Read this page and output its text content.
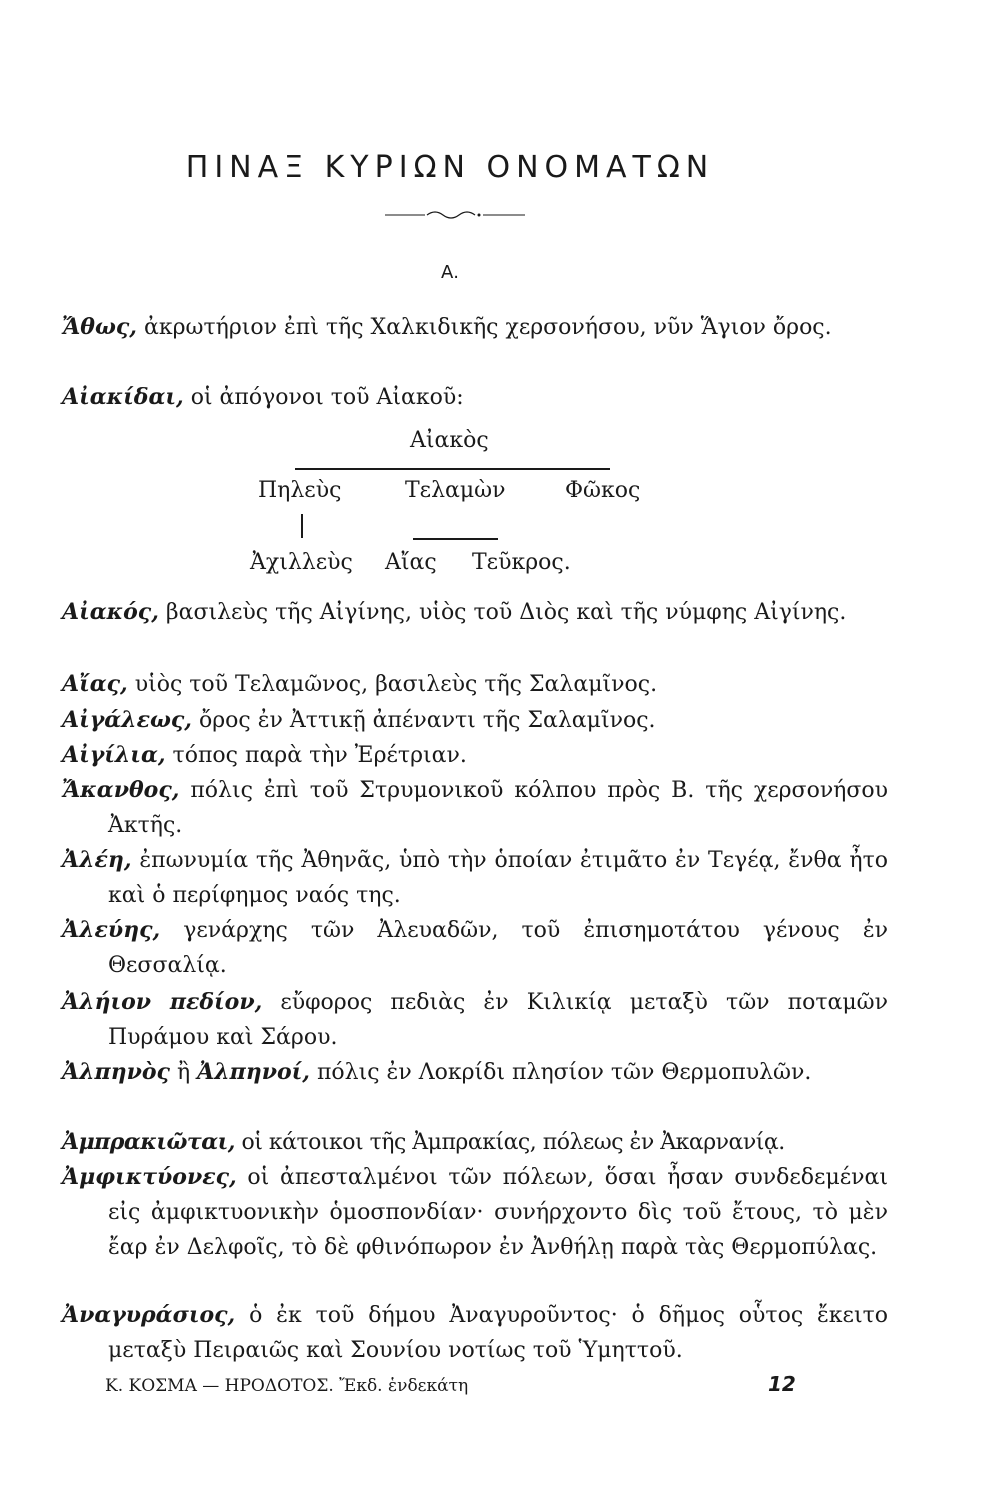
ΠΙΝΑΞ ΚΥΡΙΩΝ ΟΝΟΜΑΤΩΝ
Α.

Ἄθως, ἀκρωτήριον ἐπὶ τῆς Χαλκιδικῆς χερσονήσου, νῦν Ἅγιον ὄρος.

Αἰακίδαι, οἱ ἀπόγονοι τοῦ Αἰακοῦ:

Αἰακὸς
Πηλεὺς	Τελαμὼν	Φῶκος
Ἀχιλλεὺς Αἴας Τεῦκρος.

Αἰακός, βασιλεὺς τῆς Αἰγίνης, υἱὸς τοῦ Διὸς καὶ τῆς νύμφης Αἰγίνης.

Αἴας, υἱὸς τοῦ Τελαμῶνος, βασιλεὺς τῆς Σαλαμῖνος.

Αἰγάλεως, ὄρος ἐν Ἀττικῇ ἀπέναντι τῆς Σαλαμῖνος.

Αἰγίλια, τόπος παρὰ τὴν Ἐρέτριαν.

Ἄκανθος, πόλις ἐπὶ τοῦ Στρυμονικοῦ κόλπου πρὸς Β. τῆς χερσονήσου Ἀκτῆς.

Ἀλέη, ἐπωνυμία τῆς Ἀθηνᾶς, ὑπὸ τὴν ὁποίαν ἐτιμᾶτο ἐν Τεγέᾳ, ἔνθα ἦτο καὶ ὁ περίφημος ναός της.

Ἀλεύης, γενάρχης τῶν Ἀλευαδῶν, τοῦ ἐπισημοτάτου γένους ἐν Θεσσαλίᾳ.

Ἀλήιον πεδίον, εὔφορος πεδιὰς ἐν Κιλικίᾳ μεταξὺ τῶν ποταμῶν Πυράμου καὶ Σάρου.

Ἀλπηνὸς ἢ Ἀλπηνοί, πόλις ἐν Λοκρίδι πλησίον τῶν Θερμοπυλῶν.

Ἀμπρακιῶται, οἱ κάτοικοι τῆς Ἀμπρακίας, πόλεως ἐν Ἀκαρνανίᾳ.

Ἀμφικτύονες, οἱ ἀπεσταλμένοι τῶν πόλεων, ὅσαι ἦσαν συνδεδεμέναι εἰς ἀμφικτυονικὴν ὁμοσπονδίαν· συνήρχοντο δὶς τοῦ ἔτους, τὸ μὲν ἔαρ ἐν Δελφοῖς, τὸ δὲ φθινόπωρον ἐν Ἀνθήλῃ παρὰ τὰς Θερμοπύλας.

Ἀναγυράσιος, ὁ ἐκ τοῦ δήμου Ἀναγυροῦντος· ὁ δῆμος οὗτος ἔκειτο μεταξὺ Πειραιῶς καὶ Σουνίου νοτίως τοῦ Ὑμηττοῦ.

Κ. ΚΟΣΜΑ — ΗΡΟΔΟΤΟΣ. Ἔκδ. ἑνδεκάτη	12
